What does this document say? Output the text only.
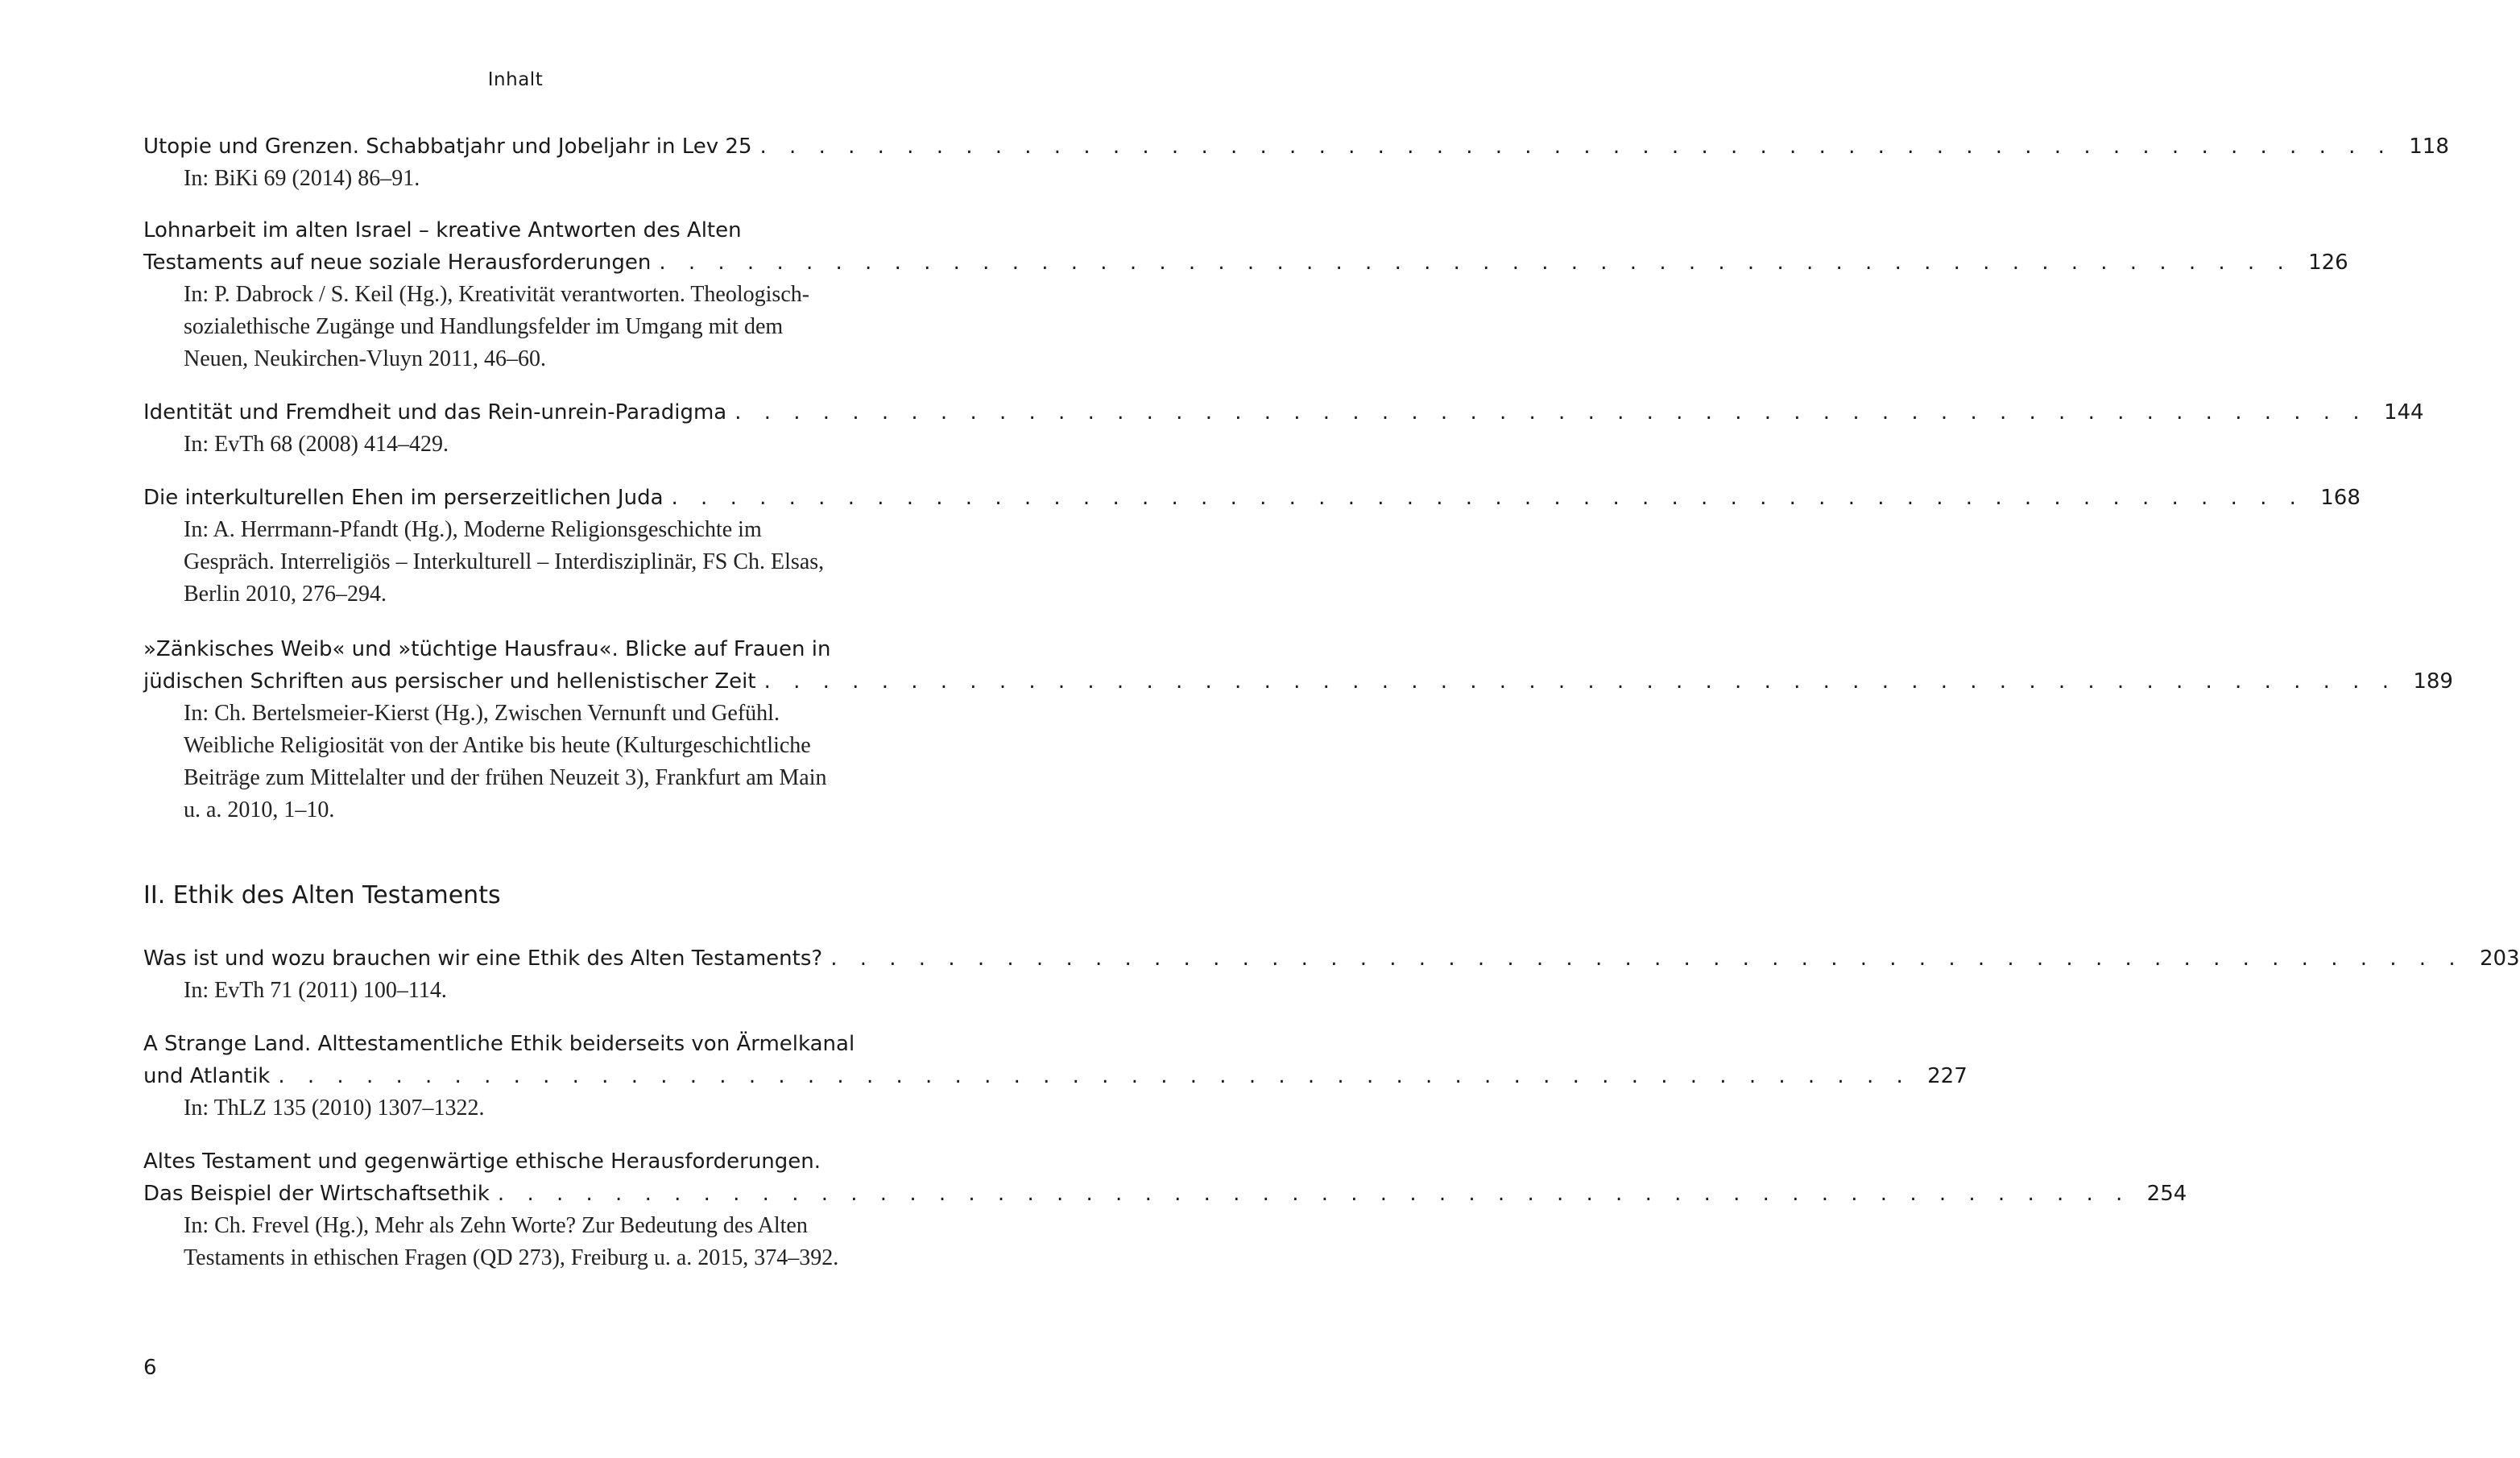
Inhalt
Utopie und Grenzen. Schabbatjahr und Jobeljahr in Lev 25 . . . . . . . . . . . . . . . . . . . . . . . . . . . . . . . . . . . . . . . . . . . . . . . . . . . . . . . . 118
In: BiKi 69 (2014) 86–91.
Lohnarbeit im alten Israel – kreative Antworten des Alten
Testaments auf neue soziale Herausforderungen . . . . . . . . . . . . . . . . . . . . . . . . . . . . . . . . . . . . . . . . . . . . . . . . . . . . . . . . 126
In: P. Dabrock / S. Keil (Hg.), Kreativität verantworten. Theologisch-sozialethische Zugänge und Handlungsfelder im Umgang mit dem Neuen, Neukirchen-Vluyn 2011, 46–60.
Identität und Fremdheit und das Rein-unrein-Paradigma . . . . . . . . . . . . . . . . . . . . . . . . . . . . . . . . . . . . . . . . . . . . . . . . . . . . . . . . 144
In: EvTh 68 (2008) 414–429.
Die interkulturellen Ehen im perserzeitlichen Juda . . . . . . . . . . . . . . . . . . . . . . . . . . . . . . . . . . . . . . . . . . . . . . . . . . . . . . . . 168
In: A. Herrmann-Pfandt (Hg.), Moderne Religionsgeschichte im Gespräch. Interreligiös – Interkulturell – Interdisziplinär, FS Ch. Elsas, Berlin 2010, 276–294.
»Zänkisches Weib« und »tüchtige Hausfrau«. Blicke auf Frauen in
jüdischen Schriften aus persischer und hellenistischer Zeit . . . . . . . . . . . . . . . . . . . . . . . . . . . . . . . . . . . . . . . . . . . . . . . . . . . . . . . . 189
In: Ch. Bertelsmeier-Kierst (Hg.), Zwischen Vernunft und Gefühl. Weibliche Religiosität von der Antike bis heute (Kulturgeschichtliche Beiträge zum Mittelalter und der frühen Neuzeit 3), Frankfurt am Main u. a. 2010, 1–10.
II. Ethik des Alten Testaments
Was ist und wozu brauchen wir eine Ethik des Alten Testaments? . . . . . . . . . . . . . . . . . . . . . . . . . . . . . . . . . . . . . . . . . . . . . . . . . . . . . . . . 203
In: EvTh 71 (2011) 100–114.
A Strange Land. Alttestamentliche Ethik beiderseits von Ärmelkanal
und Atlantik . . . . . . . . . . . . . . . . . . . . . . . . . . . . . . . . . . . . . . . . . . . . . . . . . . . . . . . . 227
In: ThLZ 135 (2010) 1307–1322.
Altes Testament und gegenwärtige ethische Herausforderungen.
Das Beispiel der Wirtschaftsethik . . . . . . . . . . . . . . . . . . . . . . . . . . . . . . . . . . . . . . . . . . . . . . . . . . . . . . . . 254
In: Ch. Frevel (Hg.), Mehr als Zehn Worte? Zur Bedeutung des Alten Testaments in ethischen Fragen (QD 273), Freiburg u. a. 2015, 374–392.
6
